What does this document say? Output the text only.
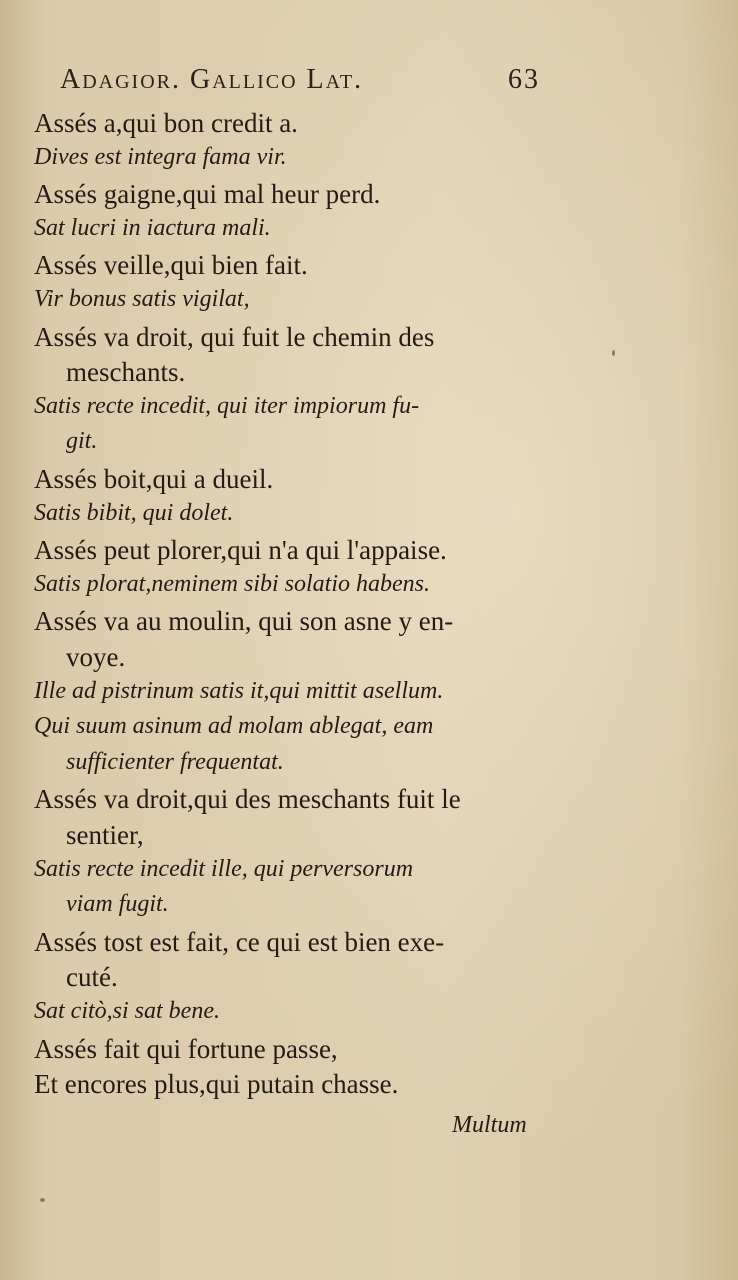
Adagior. Gallico Lat.	63
Assés a,qui bon credit a.
Dives est integra fama vir.
Assés gaigne,qui mal heur perd.
Sat lucri in iactura mali.
Assés veille,qui bien fait.
Vir bonus satis vigilat,
Assés va droit, qui fuit le chemin des
meschants.
Satis recte incedit, qui iter impiorum fu-
git.
Assés boit,qui a dueil.
Satis bibit, qui dolet.
Assés peut plorer,qui n'a qui l'appaise.
Satis plorat,neminem sibi solatio habens.
Assés va au moulin, qui son asne y en-
voye.
Ille ad pistrinum satis it,qui mittit asellum.
Qui suum asinum ad molam ablegat, eam
sufficienter frequentat.
Assés va droit,qui des meschants fuit le
sentier,
Satis recte incedit ille, qui perversorum
viam fugit.
Assés tost est fait, ce qui est bien exe-
cuté.
Sat citò,si sat bene.
Assés fait qui fortune passe,
Et encores plus,qui putain chasse.
Multum
